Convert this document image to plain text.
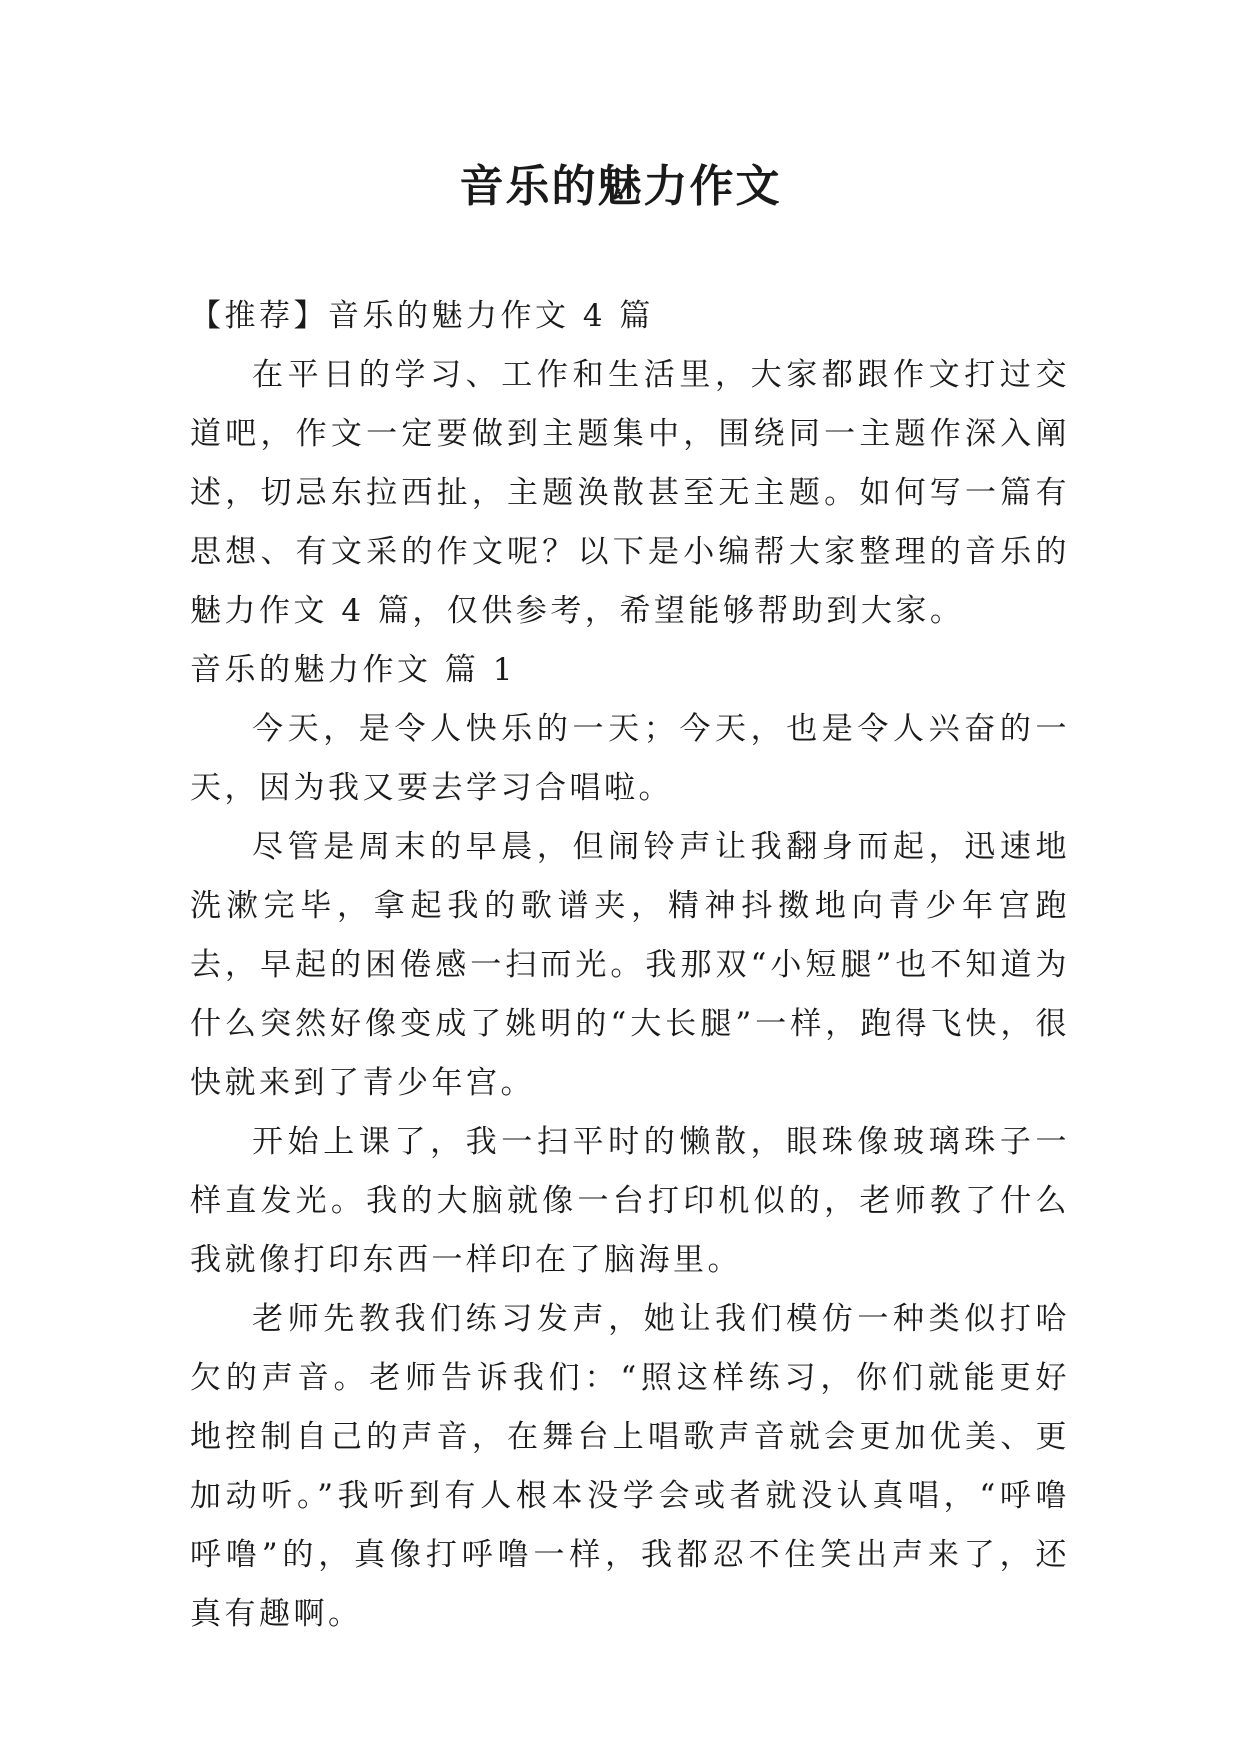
音乐的魅力作文

【推荐】音乐的魅力作文 4 篇

在平日的学习、工作和生活里，大家都跟作文打过交道吧，作文一定要做到主题集中，围绕同一主题作深入阐述，切忌东拉西扯，主题涣散甚至无主题。如何写一篇有思想、有文采的作文呢？以下是小编帮大家整理的音乐的魅力作文 4 篇，仅供参考，希望能够帮助到大家。

音乐的魅力作文 篇 1

今天，是令人快乐的一天；今天，也是令人兴奋的一天，因为我又要去学习合唱啦。

尽管是周末的早晨，但闹铃声让我翻身而起，迅速地洗漱完毕，拿起我的歌谱夹，精神抖擞地向青少年宫跑去，早起的困倦感一扫而光。我那双“小短腿”也不知道为什么突然好像变成了姚明的“大长腿”一样，跑得飞快，很快就来到了青少年宫。

开始上课了，我一扫平时的懒散，眼珠像玻璃珠子一样直发光。我的大脑就像一台打印机似的，老师教了什么我就像打印东西一样印在了脑海里。

老师先教我们练习发声，她让我们模仿一种类似打哈欠的声音。老师告诉我们：“照这样练习，你们就能更好地控制自己的声音，在舞台上唱歌声音就会更加优美、更加动听。”我听到有人根本没学会或者就没认真唱，“呼噜呼噜”的，真像打呼噜一样，我都忍不住笑出声来了，还真有趣啊。
